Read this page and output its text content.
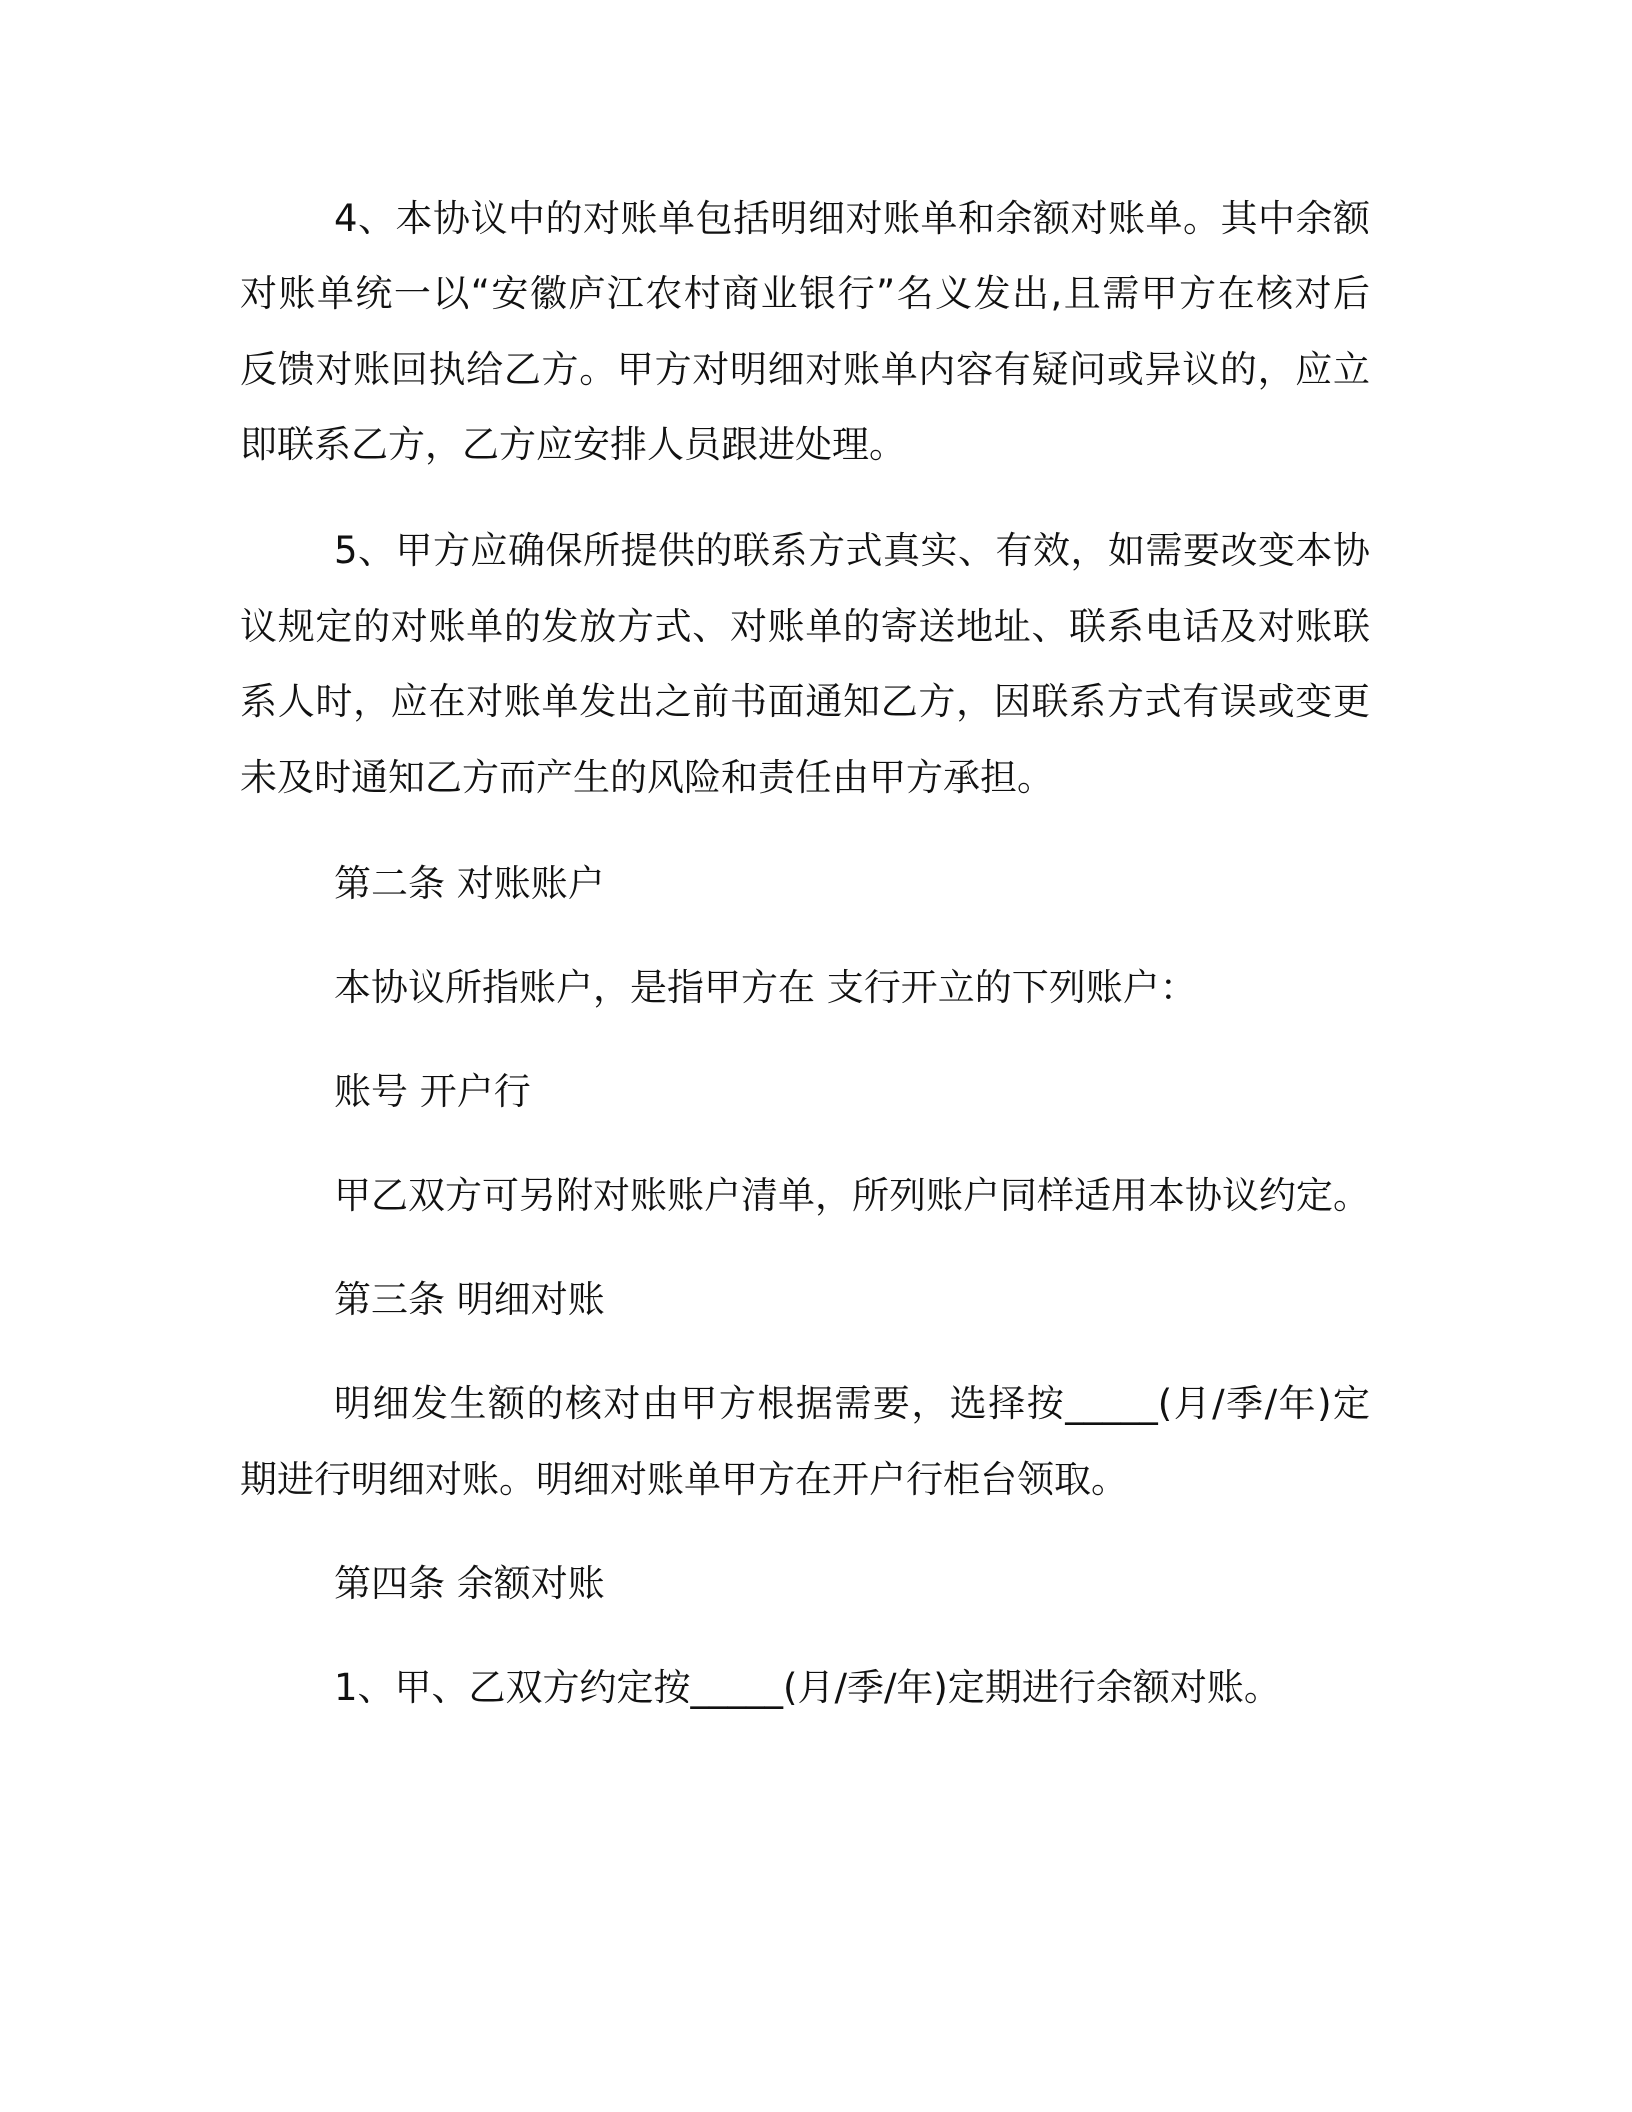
4、本协议中的对账单包括明细对账单和余额对账单。其中余额
对账单统一以“安徽庐江农村商业银行”名义发出,且需甲方在核对后
反馈对账回执给乙方。甲方对明细对账单内容有疑问或异议的，应立
即联系乙方，乙方应安排人员跟进处理。
5、甲方应确保所提供的联系方式真实、有效，如需要改变本协
议规定的对账单的发放方式、对账单的寄送地址、联系电话及对账联
系人时，应在对账单发出之前书面通知乙方，因联系方式有误或变更
未及时通知乙方而产生的风险和责任由甲方承担。
第二条 对账账户
本协议所指账户，是指甲方在 支行开立的下列账户：
账号 开户行
甲乙双方可另附对账账户清单，所列账户同样适用本协议约定。
第三条 明细对账
明细发生额的核对由甲方根据需要，选择按_____(月/季/年)定
期进行明细对账。明细对账单甲方在开户行柜台领取。
第四条 余额对账
1、甲、乙双方约定按_____(月/季/年)定期进行余额对账。
